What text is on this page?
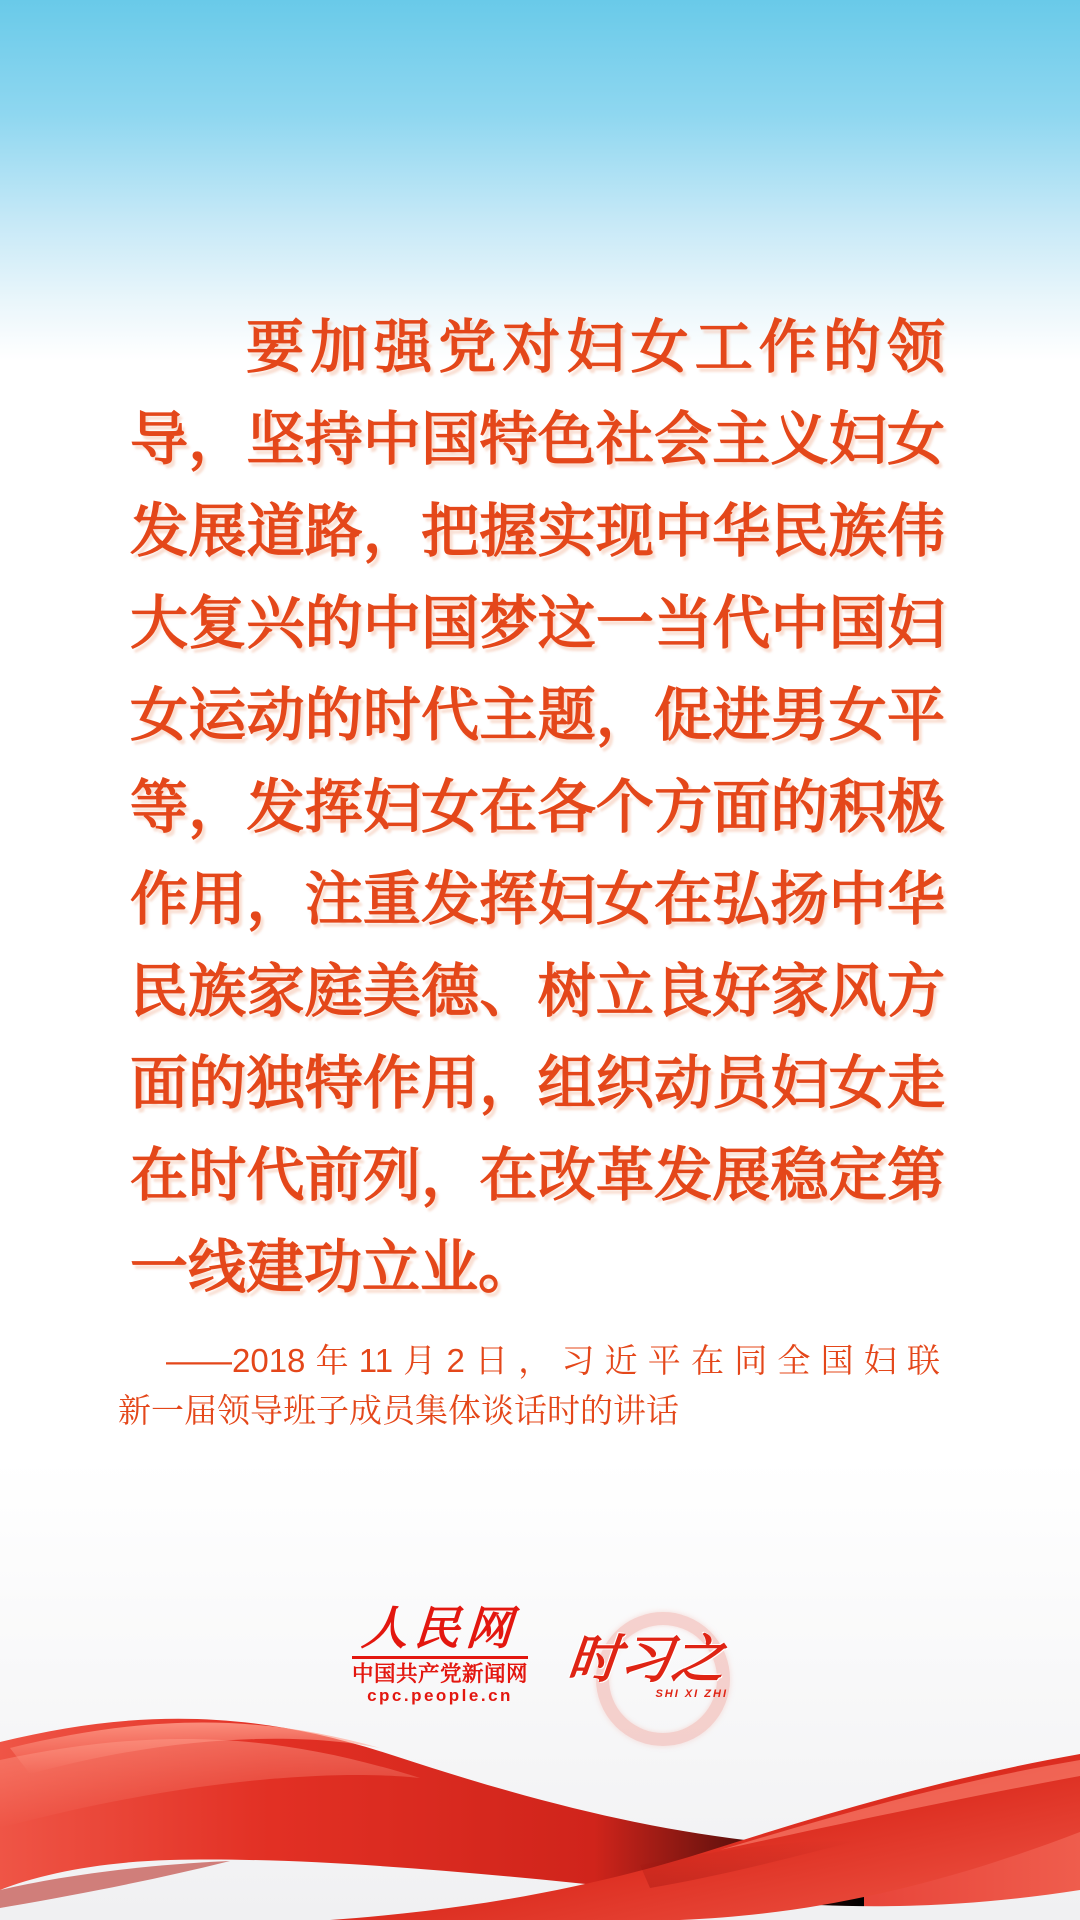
要加强党对妇女工作的领
导，坚持中国特色社会主义妇女
发展道路，把握实现中华民族伟
大复兴的中国梦这一当代中国妇
女运动的时代主题，促进男女平
等，发挥妇女在各个方面的积极
作用，注重发挥妇女在弘扬中华
民族家庭美德、树立良好家风方
面的独特作用，组织动员妇女走
在时代前列，在改革发展稳定第
一线建功立业。
——2018年11月2日，习近平在同全国妇联
新一届领导班子成员集体谈话时的讲话
人民网
中国共产党新闻网
cpc.people.cn
时习之
SHI XI ZHI
